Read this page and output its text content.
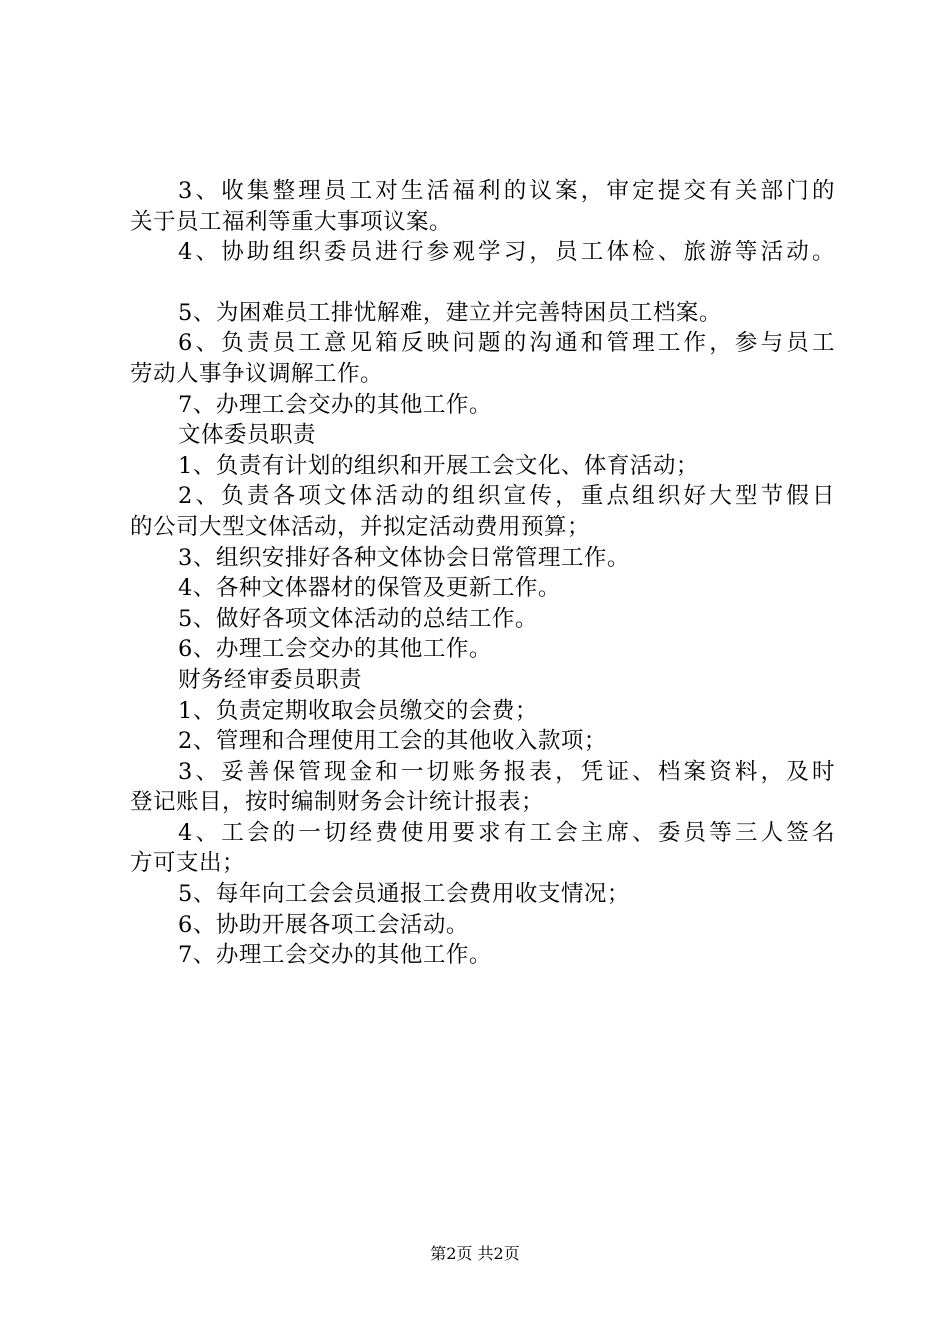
3、收集整理员工对生活福利的议案，审定提交有关部门的
关于员工福利等重大事项议案。
4、协助组织委员进行参观学习，员工体检、旅游等活动。
5、为困难员工排忧解难，建立并完善特困员工档案。
6、负责员工意见箱反映问题的沟通和管理工作，参与员工
劳动人事争议调解工作。
7、办理工会交办的其他工作。
文体委员职责
1、负责有计划的组织和开展工会文化、体育活动；
2、负责各项文体活动的组织宣传，重点组织好大型节假日
的公司大型文体活动，并拟定活动费用预算；
3、组织安排好各种文体协会日常管理工作。
4、各种文体器材的保管及更新工作。
5、做好各项文体活动的总结工作。
6、办理工会交办的其他工作。
财务经审委员职责
1、负责定期收取会员缴交的会费；
2、管理和合理使用工会的其他收入款项；
3、妥善保管现金和一切账务报表，凭证、档案资料，及时
登记账目，按时编制财务会计统计报表；
4、工会的一切经费使用要求有工会主席、委员等三人签名
方可支出；
5、每年向工会会员通报工会费用收支情况；
6、协助开展各项工会活动。
7、办理工会交办的其他工作。
第2页 共2页
